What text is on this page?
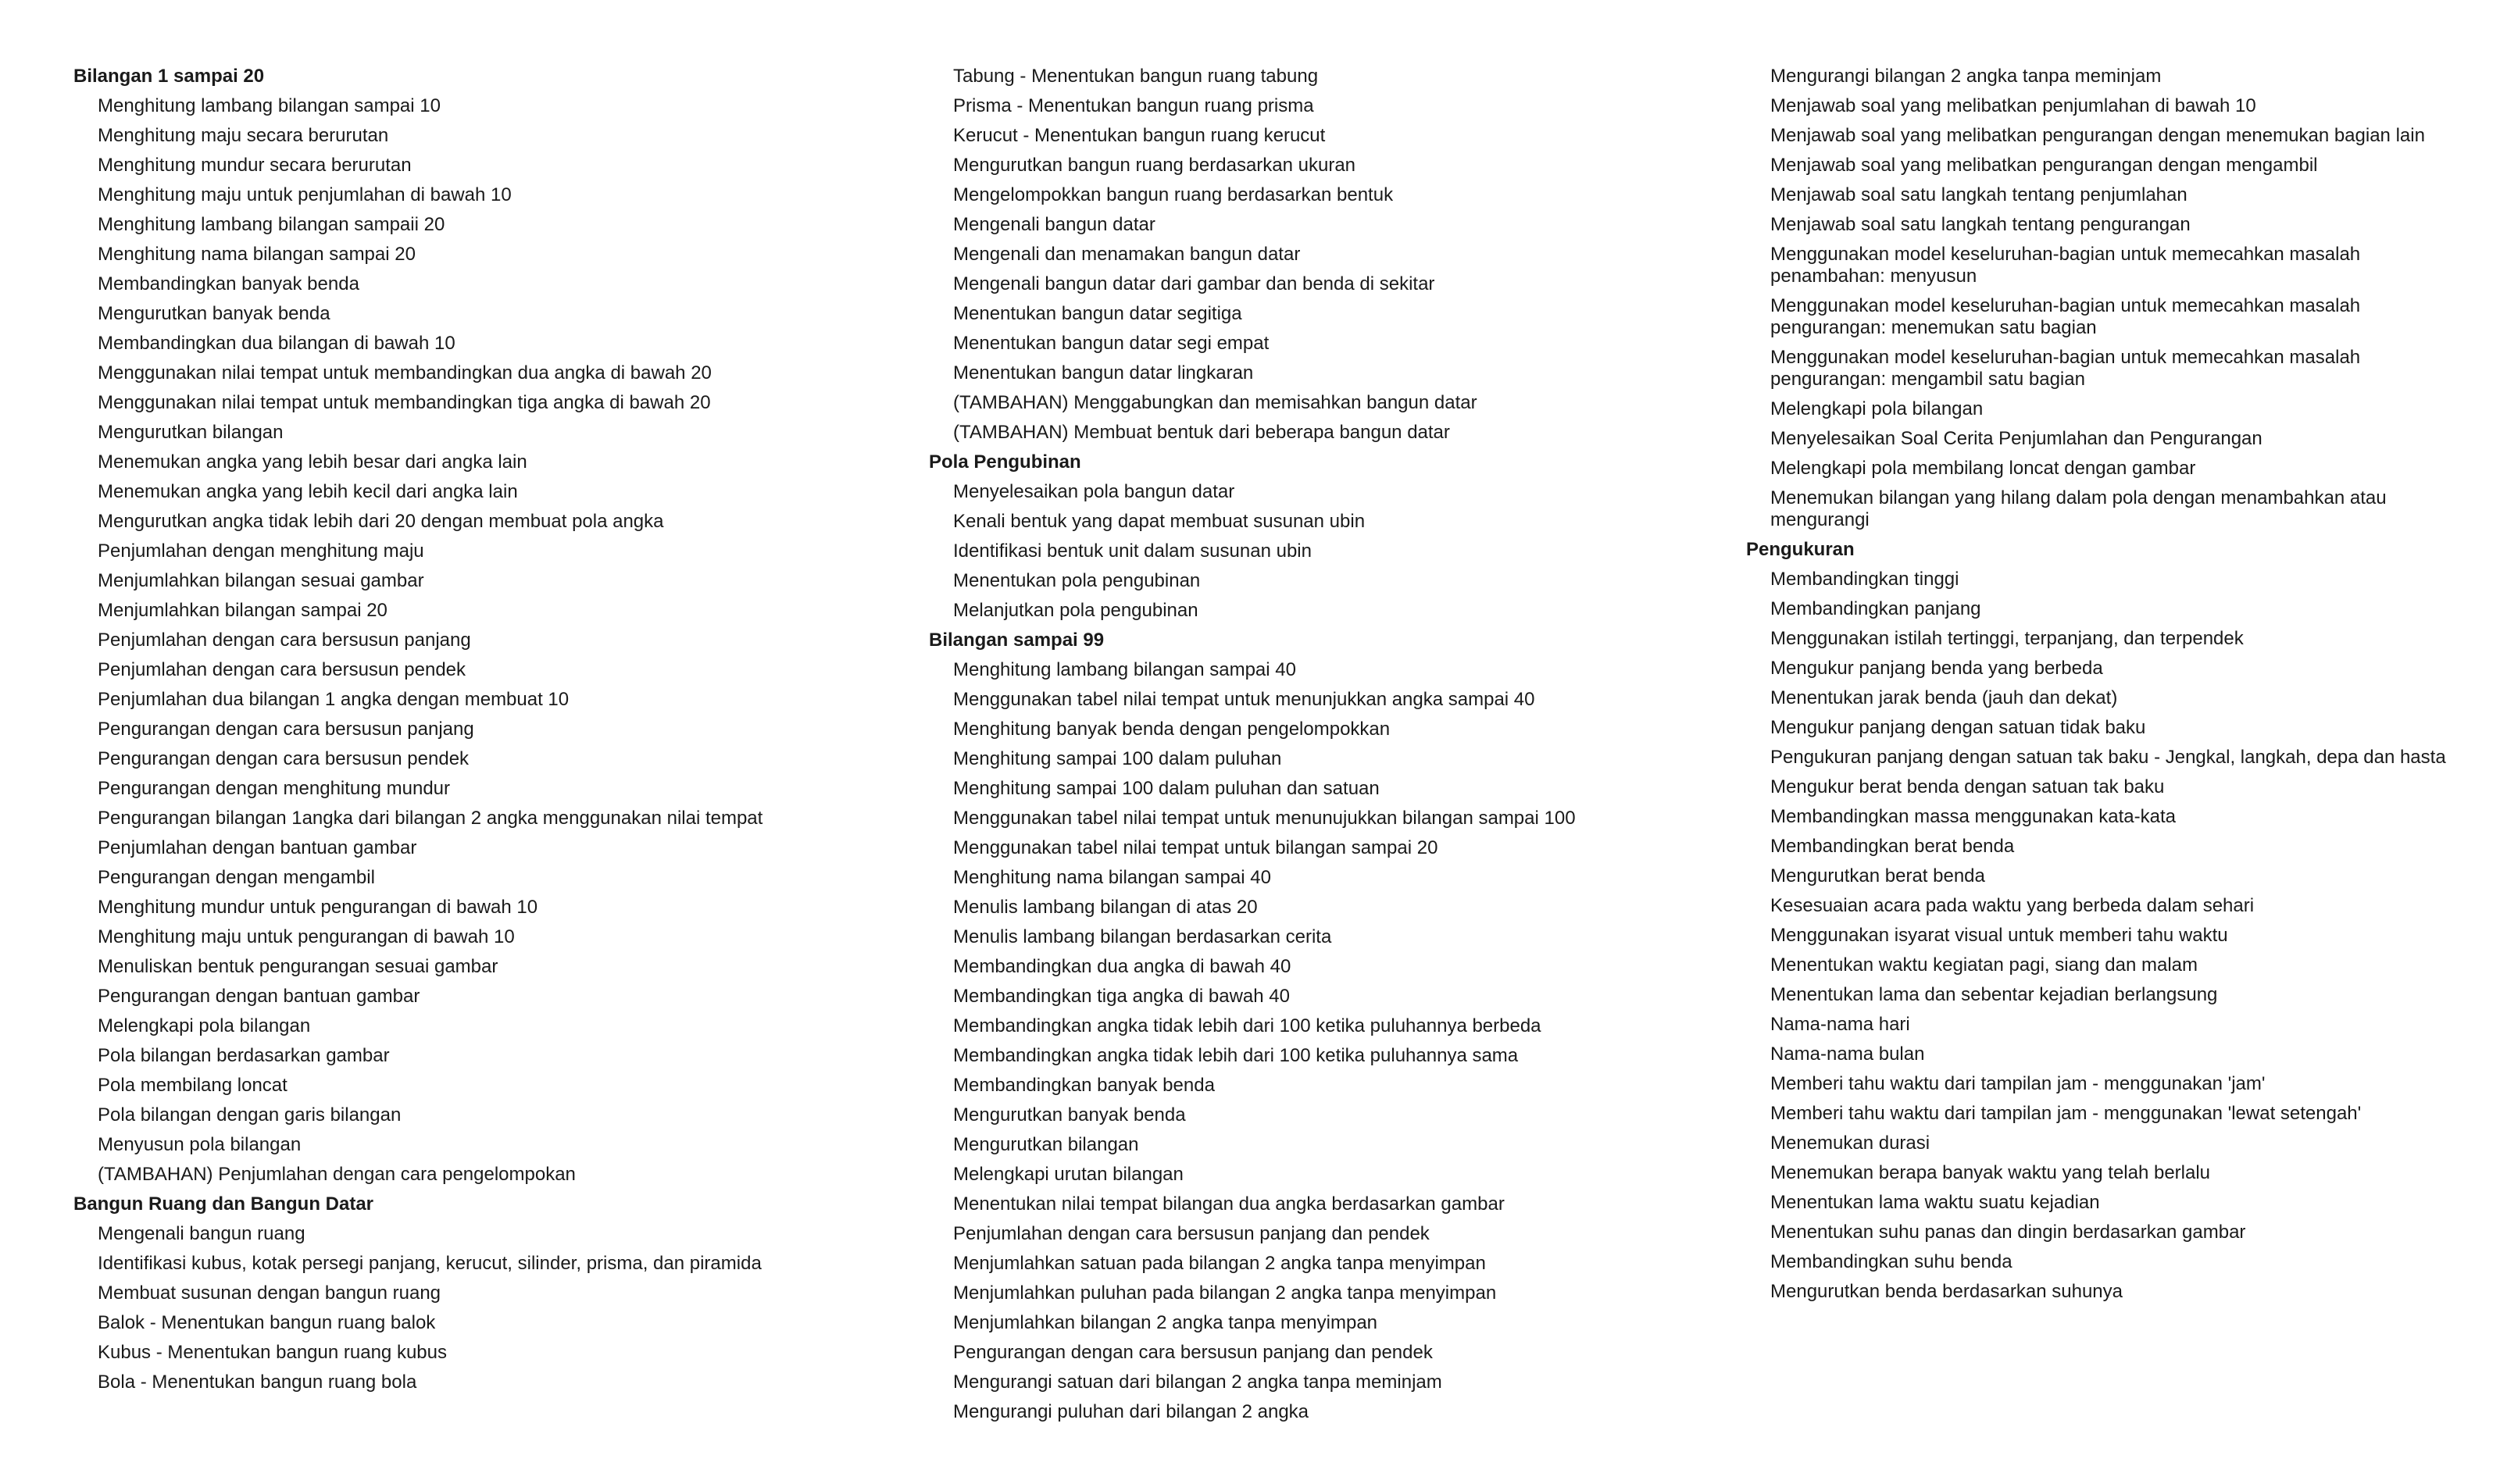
Bilangan 1 sampai 20
Menghitung lambang bilangan sampai 10
Menghitung maju secara berurutan
Menghitung mundur secara berurutan
Menghitung maju untuk penjumlahan di bawah 10
Menghitung lambang bilangan sampaii 20
Menghitung nama bilangan sampai 20
Membandingkan banyak benda
Mengurutkan banyak benda
Membandingkan dua bilangan di bawah 10
Menggunakan nilai tempat untuk membandingkan dua angka di bawah 20
Menggunakan nilai tempat untuk membandingkan tiga angka di bawah 20
Mengurutkan bilangan
Menemukan angka yang lebih besar dari angka lain
Menemukan angka yang lebih kecil dari angka lain
Mengurutkan angka tidak lebih dari 20 dengan membuat pola angka
Penjumlahan dengan menghitung maju
Menjumlahkan bilangan sesuai gambar
Menjumlahkan bilangan sampai 20
Penjumlahan dengan cara bersusun panjang
Penjumlahan dengan cara bersusun pendek
Penjumlahan dua bilangan 1 angka dengan membuat 10
Pengurangan dengan cara bersusun panjang
Pengurangan dengan cara bersusun pendek
Pengurangan dengan menghitung mundur
Pengurangan bilangan 1angka dari bilangan 2 angka menggunakan nilai tempat
Penjumlahan dengan bantuan gambar
Pengurangan dengan mengambil
Menghitung mundur untuk pengurangan di bawah 10
Menghitung maju untuk pengurangan di bawah 10
Menuliskan bentuk pengurangan sesuai gambar
Pengurangan dengan bantuan gambar
Melengkapi pola bilangan
Pola bilangan berdasarkan gambar
Pola membilang loncat
Pola bilangan dengan garis bilangan
Menyusun pola bilangan
(TAMBAHAN) Penjumlahan dengan cara pengelompokan
Bangun Ruang dan Bangun Datar
Mengenali bangun ruang
Identifikasi kubus, kotak persegi panjang, kerucut, silinder, prisma, dan piramida
Membuat susunan dengan bangun ruang
Balok - Menentukan bangun ruang balok
Kubus - Menentukan bangun ruang kubus
Bola - Menentukan bangun ruang bola
Tabung - Menentukan bangun ruang tabung
Prisma - Menentukan bangun ruang prisma
Kerucut - Menentukan bangun ruang kerucut
Mengurutkan bangun ruang berdasarkan ukuran
Mengelompokkan bangun ruang berdasarkan bentuk
Mengenali bangun datar
Mengenali dan menamakan bangun datar
Mengenali bangun datar dari gambar dan benda di sekitar
Menentukan bangun datar segitiga
Menentukan bangun datar segi empat
Menentukan bangun datar lingkaran
(TAMBAHAN) Menggabungkan dan memisahkan bangun datar
(TAMBAHAN) Membuat bentuk dari beberapa bangun datar
Pola Pengubinan
Menyelesaikan pola bangun datar
Kenali bentuk yang dapat membuat susunan ubin
Identifikasi bentuk unit dalam susunan ubin
Menentukan pola pengubinan
Melanjutkan pola pengubinan
Bilangan sampai 99
Menghitung lambang bilangan sampai 40
Menggunakan tabel nilai tempat untuk menunjukkan angka sampai 40
Menghitung banyak benda dengan pengelompokkan
Menghitung sampai 100 dalam puluhan
Menghitung sampai 100 dalam puluhan dan satuan
Menggunakan tabel nilai tempat untuk menunujukkan bilangan sampai 100
Menggunakan tabel nilai tempat untuk bilangan sampai 20
Menghitung nama bilangan sampai 40
Menulis lambang bilangan di atas 20
Menulis lambang bilangan berdasarkan cerita
Membandingkan dua angka di bawah 40
Membandingkan tiga angka di bawah 40
Membandingkan angka tidak lebih dari 100 ketika puluhannya berbeda
Membandingkan angka tidak lebih dari 100 ketika puluhannya sama
Membandingkan banyak benda
Mengurutkan banyak benda
Mengurutkan bilangan
Melengkapi urutan bilangan
Menentukan nilai tempat bilangan dua angka berdasarkan gambar
Penjumlahan dengan cara bersusun panjang dan pendek
Menjumlahkan satuan pada bilangan 2 angka tanpa menyimpan
Menjumlahkan puluhan pada bilangan 2 angka tanpa menyimpan
Menjumlahkan bilangan 2 angka tanpa menyimpan
Pengurangan dengan cara bersusun panjang dan pendek
Mengurangi satuan dari bilangan 2 angka tanpa meminjam
Mengurangi puluhan dari bilangan 2 angka
Mengurangi bilangan 2 angka tanpa meminjam
Menjawab soal yang melibatkan penjumlahan di bawah 10
Menjawab soal yang melibatkan pengurangan dengan menemukan bagian lain
Menjawab soal yang melibatkan pengurangan dengan mengambil
Menjawab soal satu langkah tentang penjumlahan
Menjawab soal satu langkah tentang pengurangan
Menggunakan model keseluruhan-bagian untuk memecahkan masalah penambahan: menyusun
Menggunakan model keseluruhan-bagian untuk memecahkan masalah pengurangan: menemukan satu bagian
Menggunakan model keseluruhan-bagian untuk memecahkan masalah pengurangan: mengambil satu bagian
Melengkapi pola bilangan
Menyelesaikan Soal Cerita Penjumlahan dan Pengurangan
Melengkapi pola membilang loncat dengan gambar
Menemukan bilangan yang hilang dalam pola dengan menambahkan atau mengurangi
Pengukuran
Membandingkan tinggi
Membandingkan panjang
Menggunakan istilah tertinggi, terpanjang, dan terpendek
Mengukur panjang benda yang berbeda
Menentukan jarak benda (jauh dan dekat)
Mengukur panjang dengan satuan tidak baku
Pengukuran panjang dengan satuan tak baku - Jengkal, langkah, depa dan hasta
Mengukur berat benda dengan satuan tak baku
Membandingkan massa menggunakan kata-kata
Membandingkan berat benda
Mengurutkan berat benda
Kesesuaian acara pada waktu yang berbeda dalam sehari
Menggunakan isyarat visual untuk memberi tahu waktu
Menentukan waktu kegiatan pagi, siang dan malam
Menentukan lama dan sebentar kejadian berlangsung
Nama-nama hari
Nama-nama bulan
Memberi tahu waktu dari tampilan jam - menggunakan 'jam'
Memberi tahu waktu dari tampilan jam - menggunakan 'lewat setengah'
Menemukan durasi
Menemukan berapa banyak waktu yang telah berlalu
Menentukan lama waktu suatu kejadian
Menentukan suhu panas dan dingin berdasarkan gambar
Membandingkan suhu benda
Mengurutkan benda berdasarkan suhunya
